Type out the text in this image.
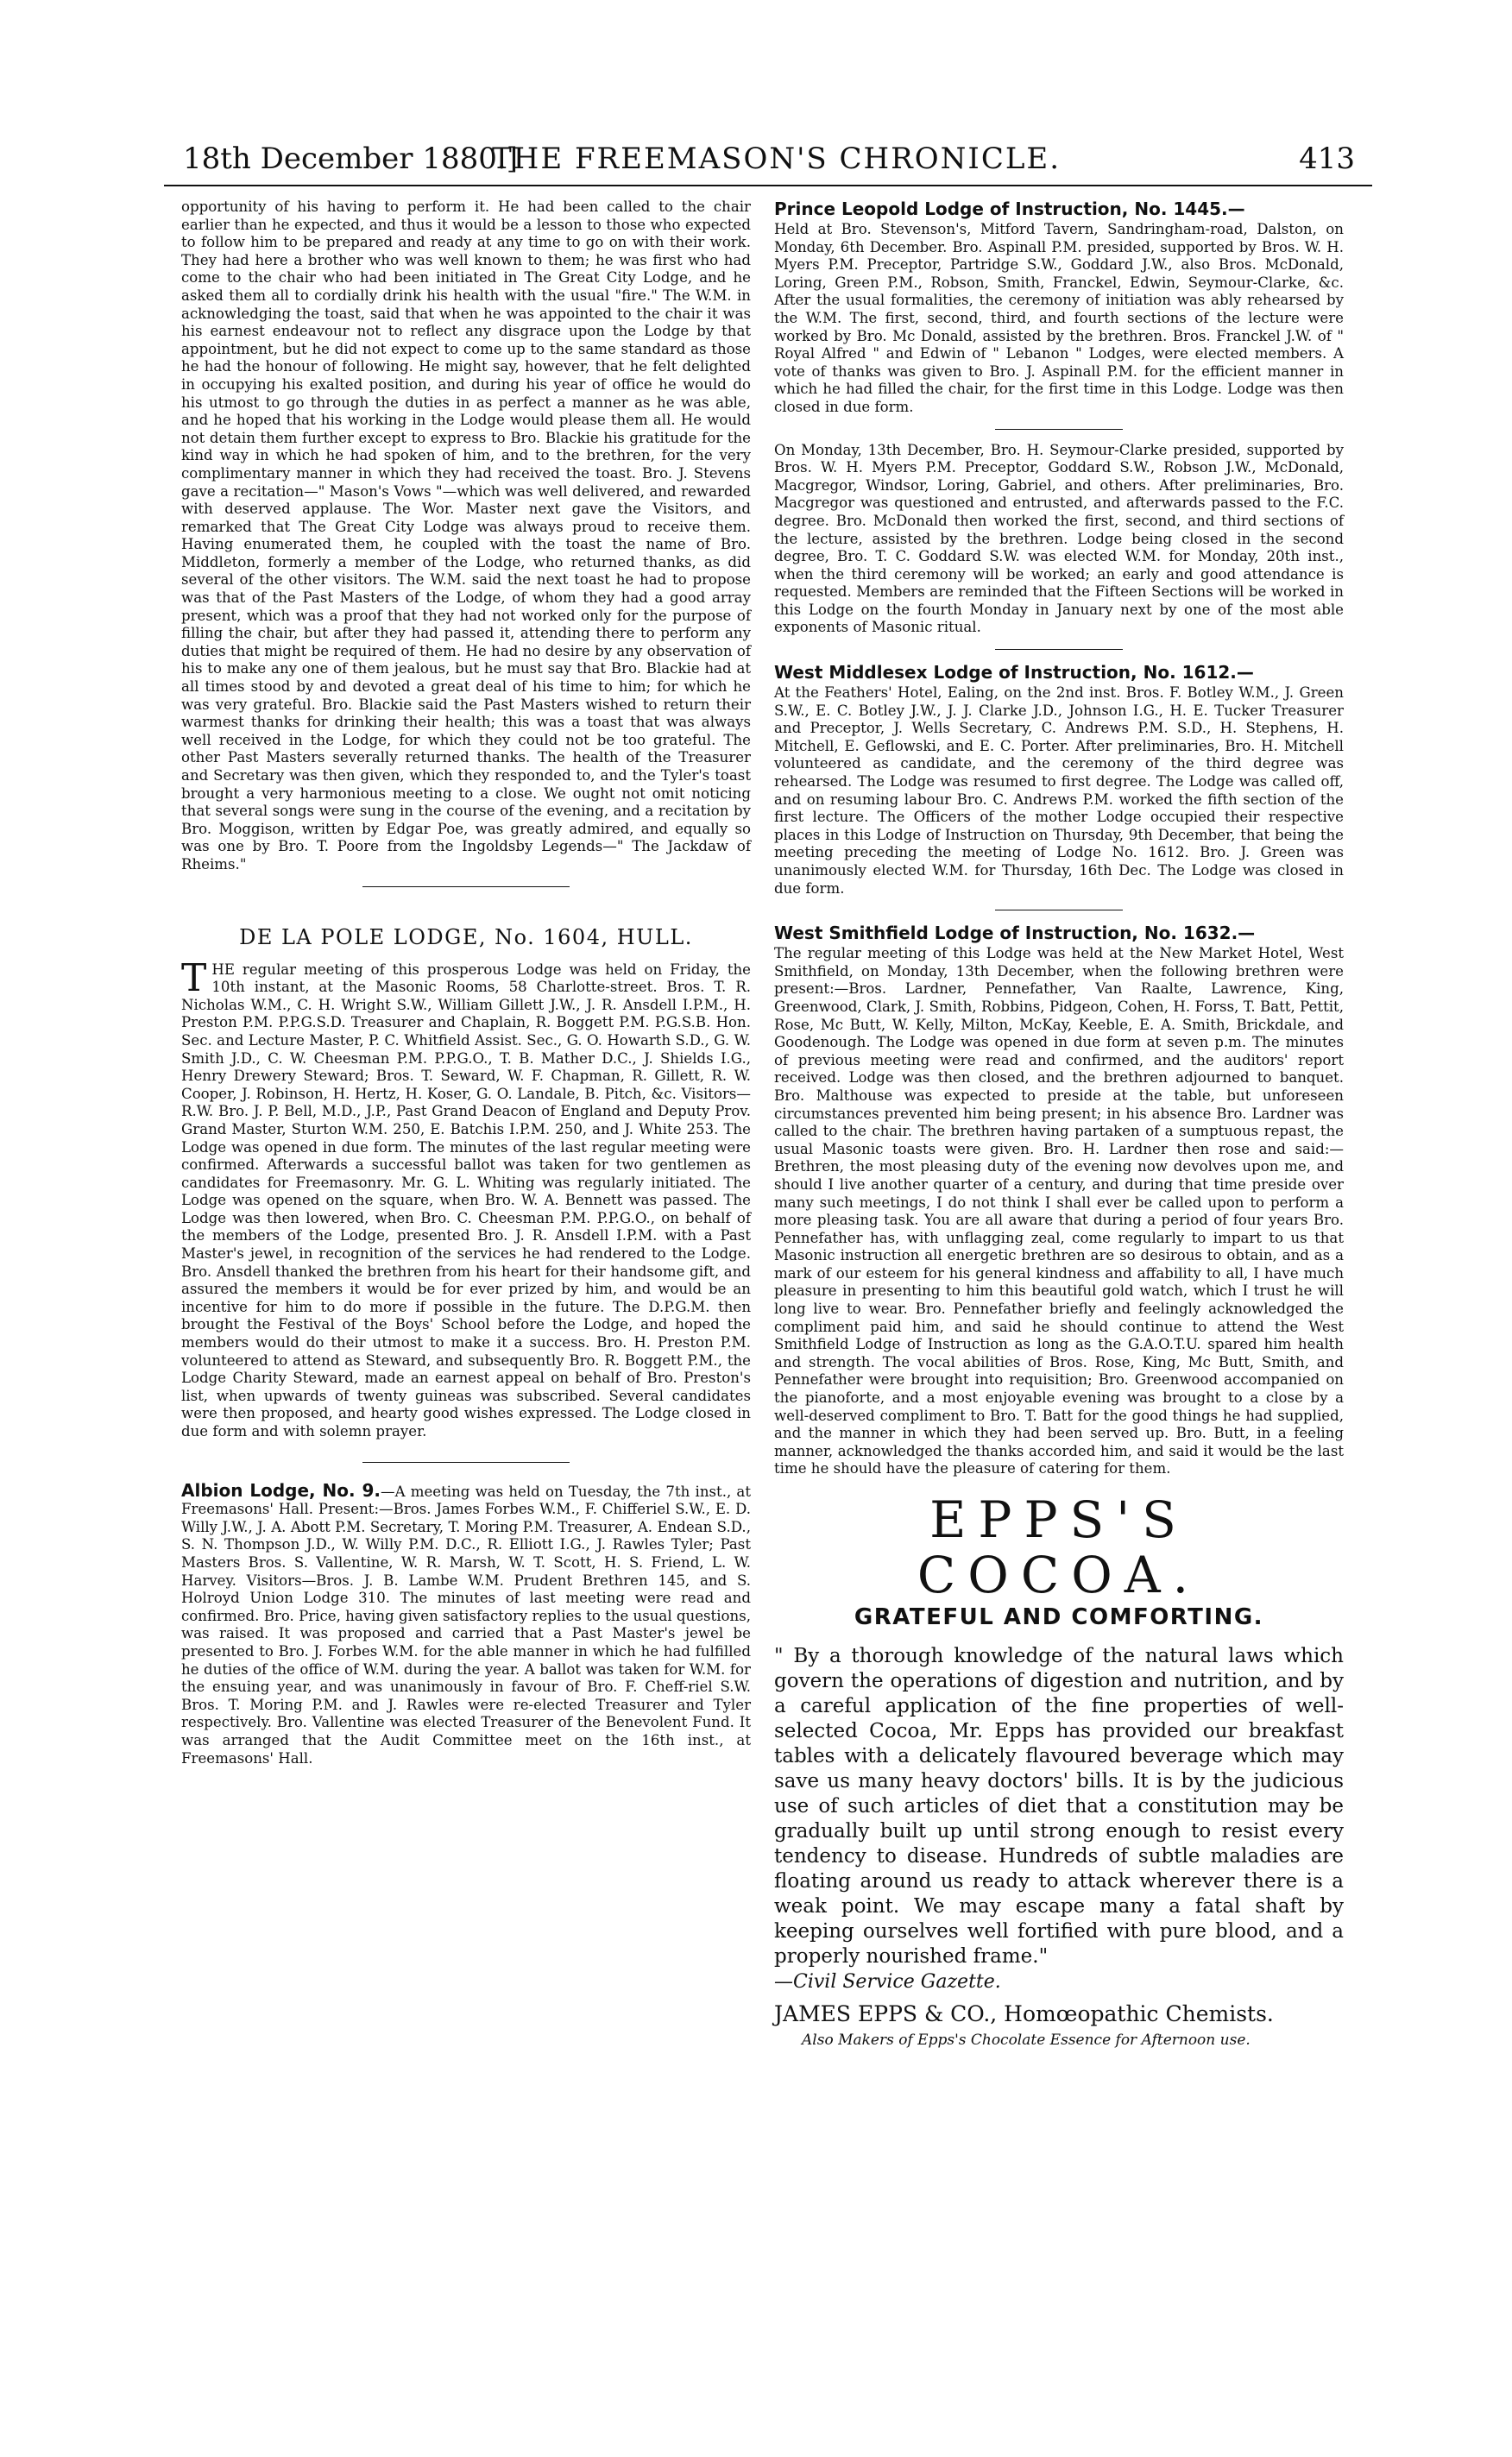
18th December 1880.]
THE FREEMASON'S CHRONICLE.	413

opportunity of his having to perform it. He had been called to the chair earlier than he expected, and thus it would be a lesson to those who expected to follow him to be prepared and ready at any time to go on with their work. They had here a brother who was well known to them; he was first who had come to the chair who had been initiated in The Great City Lodge, and he asked them all to cordially drink his health with the usual "fire." The W.M. in acknowledging the toast, said that when he was appointed to the chair it was his earnest endeavour not to reflect any disgrace upon the Lodge by that appointment, but he did not expect to come up to the same standard as those he had the honour of following. He might say, however, that he felt delighted in occupying his exalted position, and during his year of office he would do his utmost to go through the duties in as perfect a manner as he was able, and he hoped that his working in the Lodge would please them all. He would not detain them further except to express to Bro. Blackie his gratitude for the kind way in which he had spoken of him, and to the brethren, for the very complimentary manner in which they had received the toast. Bro. J. Stevens gave a recitation—" Mason's Vows "—which was well delivered, and rewarded with deserved applause. The Wor. Master next gave the Visitors, and remarked that The Great City Lodge was always proud to receive them. Having enumerated them, he coupled with the toast the name of Bro. Middleton, formerly a member of the Lodge, who returned thanks, as did several of the other visitors. The W.M. said the next toast he had to propose was that of the Past Masters of the Lodge, of whom they had a good array present, which was a proof that they had not worked only for the purpose of filling the chair, but after they had passed it, attending there to perform any duties that might be required of them. He had no desire by any observation of his to make any one of them jealous, but he must say that Bro. Blackie had at all times stood by and devoted a great deal of his time to him; for which he was very grateful. Bro. Blackie said the Past Masters wished to return their warmest thanks for drinking their health; this was a toast that was always well received in the Lodge, for which they could not be too grateful. The other Past Masters severally returned thanks. The health of the Treasurer and Secretary was then given, which they responded to, and the Tyler's toast brought a very harmonious meeting to a close. We ought not omit noticing that several songs were sung in the course of the evening, and a recitation by Bro. Moggison, written by Edgar Poe, was greatly admired, and equally so was one by Bro. T. Poore from the Ingoldsby Legends—" The Jackdaw of Rheims."

DE LA POLE LODGE, No. 1604, HULL.

THE regular meeting of this prosperous Lodge was held on Friday, the 10th instant, at the Masonic Rooms, 58 Charlotte-street. Bros. T. R. Nicholas W.M., C. H. Wright S.W., William Gillett J.W., J. R. Ansdell I.P.M., H. Preston P.M. P.P.G.S.D. Treasurer and Chaplain, R. Boggett P.M. P.G.S.B. Hon. Sec. and Lecture Master, P. C. Whitfield Assist. Sec., G. O. Howarth S.D., G. W. Smith J.D., C. W. Cheesman P.M. P.P.G.O., T. B. Mather D.C., J. Shields I.G., Henry Drewery Steward; Bros. T. Seward, W. F. Chapman, R. Gillett, R. W. Cooper, J. Robinson, H. Hertz, H. Koser, G. O. Landale, B. Pitch, &c. Visitors—R.W. Bro. J. P. Bell, M.D., J.P., Past Grand Deacon of England and Deputy Prov. Grand Master, Sturton W.M. 250, E. Batchis I.P.M. 250, and J. White 253. The Lodge was opened in due form. The minutes of the last regular meeting were confirmed. Afterwards a successful ballot was taken for two gentlemen as candidates for Freemasonry. Mr. G. L. Whiting was regularly initiated. The Lodge was opened on the square, when Bro. W. A. Bennett was passed. The Lodge was then lowered, when Bro. C. Cheesman P.M. P.P.G.O., on behalf of the members of the Lodge, presented Bro. J. R. Ansdell I.P.M. with a Past Master's jewel, in recognition of the services he had rendered to the Lodge. Bro. Ansdell thanked the brethren from his heart for their handsome gift, and assured the members it would be for ever prized by him, and would be an incentive for him to do more if possible in the future. The D.P.G.M. then brought the Festival of the Boys' School before the Lodge, and hoped the members would do their utmost to make it a success. Bro. H. Preston P.M. volunteered to attend as Steward, and subsequently Bro. R. Boggett P.M., the Lodge Charity Steward, made an earnest appeal on behalf of Bro. Preston's list, when upwards of twenty guineas was subscribed. Several candidates were then proposed, and hearty good wishes expressed. The Lodge closed in due form and with solemn prayer.

Albion Lodge, No. 9.—A meeting was held on Tuesday, the 7th inst., at Freemasons' Hall. Present:—Bros. James Forbes W.M., F. Chifferiel S.W., E. D. Willy J.W., J. A. Abott P.M. Secretary, T. Moring P.M. Treasurer, A. Endean S.D., S. N. Thompson J.D., W. Willy P.M. D.C., R. Elliott I.G., J. Rawles Tyler; Past Masters Bros. S. Vallentine, W. R. Marsh, W. T. Scott, H. S. Friend, L. W. Harvey. Visitors—Bros. J. B. Lambe W.M. Prudent Brethren 145, and S. Holroyd Union Lodge 310. The minutes of last meeting were read and confirmed. Bro. Price, having given satisfactory replies to the usual questions, was raised. It was proposed and carried that a Past Master's jewel be presented to Bro. J. Forbes W.M. for the able manner in which he had fulfilled he duties of the office of W.M. during the year. A ballot was taken for W.M. for the ensuing year, and was unanimously in favour of Bro. F. Cheff-riel S.W. Bros. T. Moring P.M. and J. Rawles were re-elected Treasurer and Tyler respectively. Bro. Vallentine was elected Treasurer of the Benevolent Fund. It was arranged that the Audit Committee meet on the 16th inst., at Freemasons' Hall.

Prince Leopold Lodge of Instruction, No. 1445.—

Held at Bro. Stevenson's, Mitford Tavern, Sandringham-road, Dalston, on Monday, 6th December. Bro. Aspinall P.M. presided, supported by Bros. W. H. Myers P.M. Preceptor, Partridge S.W., Goddard J.W., also Bros. McDonald, Loring, Green P.M., Robson, Smith, Franckel, Edwin, Seymour-Clarke, &c. After the usual formalities, the ceremony of initiation was ably rehearsed by the W.M. The first, second, third, and fourth sections of the lecture were worked by Bro. Mc Donald, assisted by the brethren. Bros. Franckel J.W. of " Royal Alfred " and Edwin of " Lebanon " Lodges, were elected members. A vote of thanks was given to Bro. J. Aspinall P.M. for the efficient manner in which he had filled the chair, for the first time in this Lodge. Lodge was then closed in due form.

On Monday, 13th December, Bro. H. Seymour-Clarke presided, supported by Bros. W. H. Myers P.M. Preceptor, Goddard S.W., Robson J.W., McDonald, Macgregor, Windsor, Loring, Gabriel, and others. After preliminaries, Bro. Macgregor was questioned and entrusted, and afterwards passed to the F.C. degree. Bro. McDonald then worked the first, second, and third sections of the lecture, assisted by the brethren. Lodge being closed in the second degree, Bro. T. C. Goddard S.W. was elected W.M. for Monday, 20th inst., when the third ceremony will be worked; an early and good attendance is requested. Members are reminded that the Fifteen Sections will be worked in this Lodge on the fourth Monday in January next by one of the most able exponents of Masonic ritual.

West Middlesex Lodge of Instruction, No. 1612.—

At the Feathers' Hotel, Ealing, on the 2nd inst. Bros. F. Botley W.M., J. Green S.W., E. C. Botley J.W., J. J. Clarke J.D., Johnson I.G., H. E. Tucker Treasurer and Preceptor, J. Wells Secretary, C. Andrews P.M. S.D., H. Stephens, H. Mitchell, E. Geflowski, and E. C. Porter. After preliminaries, Bro. H. Mitchell volunteered as candidate, and the ceremony of the third degree was rehearsed. The Lodge was resumed to first degree. The Lodge was called off, and on resuming labour Bro. C. Andrews P.M. worked the fifth section of the first lecture. The Officers of the mother Lodge occupied their respective places in this Lodge of Instruction on Thursday, 9th December, that being the meeting preceding the meeting of Lodge No. 1612. Bro. J. Green was unanimously elected W.M. for Thursday, 16th Dec. The Lodge was closed in due form.

West Smithfield Lodge of Instruction, No. 1632.—

The regular meeting of this Lodge was held at the New Market Hotel, West Smithfield, on Monday, 13th December, when the following brethren were present:—Bros. Lardner, Pennefather, Van Raalte, Lawrence, King, Greenwood, Clark, J. Smith, Robbins, Pidgeon, Cohen, H. Forss, T. Batt, Pettit, Rose, Mc Butt, W. Kelly, Milton, McKay, Keeble, E. A. Smith, Brickdale, and Goodenough. The Lodge was opened in due form at seven p.m. The minutes of previous meeting were read and confirmed, and the auditors' report received. Lodge was then closed, and the brethren adjourned to banquet. Bro. Malthouse was expected to preside at the table, but unforeseen circumstances prevented him being present; in his absence Bro. Lardner was called to the chair. The brethren having partaken of a sumptuous repast, the usual Masonic toasts were given. Bro. H. Lardner then rose and said:—Brethren, the most pleasing duty of the evening now devolves upon me, and should I live another quarter of a century, and during that time preside over many such meetings, I do not think I shall ever be called upon to perform a more pleasing task. You are all aware that during a period of four years Bro. Pennefather has, with unflagging zeal, come regularly to impart to us that Masonic instruction all energetic brethren are so desirous to obtain, and as a mark of our esteem for his general kindness and affability to all, I have much pleasure in presenting to him this beautiful gold watch, which I trust he will long live to wear. Bro. Pennefather briefly and feelingly acknowledged the compliment paid him, and said he should continue to attend the West Smithfield Lodge of Instruction as long as the G.A.O.T.U. spared him health and strength. The vocal abilities of Bros. Rose, King, Mc Butt, Smith, and Pennefather were brought into requisition; Bro. Greenwood accompanied on the pianoforte, and a most enjoyable evening was brought to a close by a well-deserved compliment to Bro. T. Batt for the good things he had supplied, and the manner in which they had been served up. Bro. Butt, in a feeling manner, acknowledged the thanks accorded him, and said it would be the last time he should have the pleasure of catering for them.

EPPS'S COCOA.
GRATEFUL AND COMFORTING.

" By a thorough knowledge of the natural laws which govern the operations of digestion and nutrition, and by a careful application of the fine properties of well-selected Cocoa, Mr. Epps has provided our breakfast tables with a delicately flavoured beverage which may save us many heavy doctors' bills. It is by the judicious use of such articles of diet that a constitution may be gradually built up until strong enough to resist every tendency to disease. Hundreds of subtle maladies are floating around us ready to attack wherever there is a weak point. We may escape many a fatal shaft by keeping ourselves well fortified with pure blood, and a properly nourished frame."

—Civil Service Gazette.
JAMES EPPS & CO., Homœopathic Chemists.
Also Makers of Epps's Chocolate Essence for Afternoon use.
